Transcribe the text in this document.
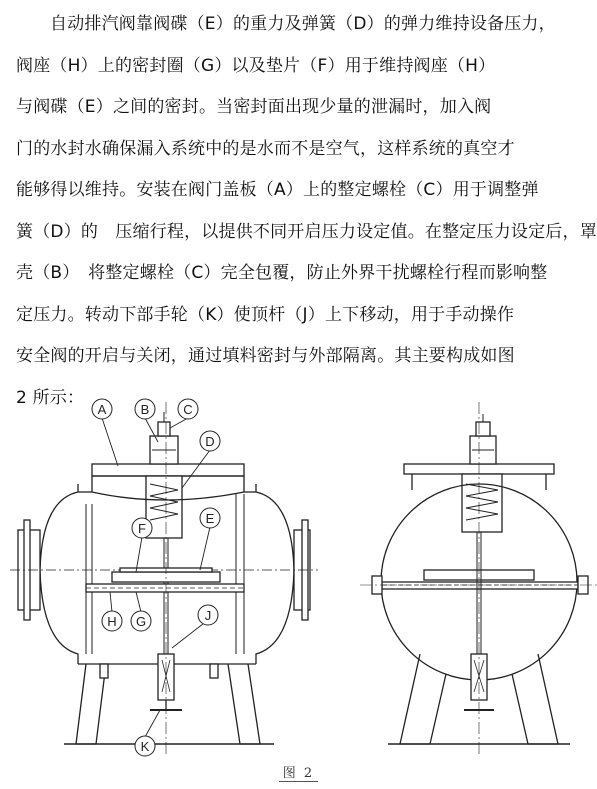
自动排汽阀靠阀碟（E）的重力及弹簧（D）的弹力维持设备压力，
阀座（H）上的密封圈（G）以及垫片（F）用于维持阀座（H）
与阀碟（E）之间的密封。当密封面出现少量的泄漏时，加入阀
门的水封水确保漏入系统中的是水而不是空气，这样系统的真空才
能够得以维持。安装在阀门盖板（A）上的整定螺栓（C）用于调整弹
簧（D）的　压缩行程，以提供不同开启压力设定值。在整定压力设定后，罩
壳（B）　将整定螺栓（C）完全包覆，防止外界干扰螺栓行程而影响整
定压力。转动下部手轮（K）使顶杆（J）上下移动，用于手动操作
安全阀的开启与关闭，通过填料密封与外部隔离。其主要构成如图
2 所示：
A	B	C
D
E
F
G
H	J
K
图 2
